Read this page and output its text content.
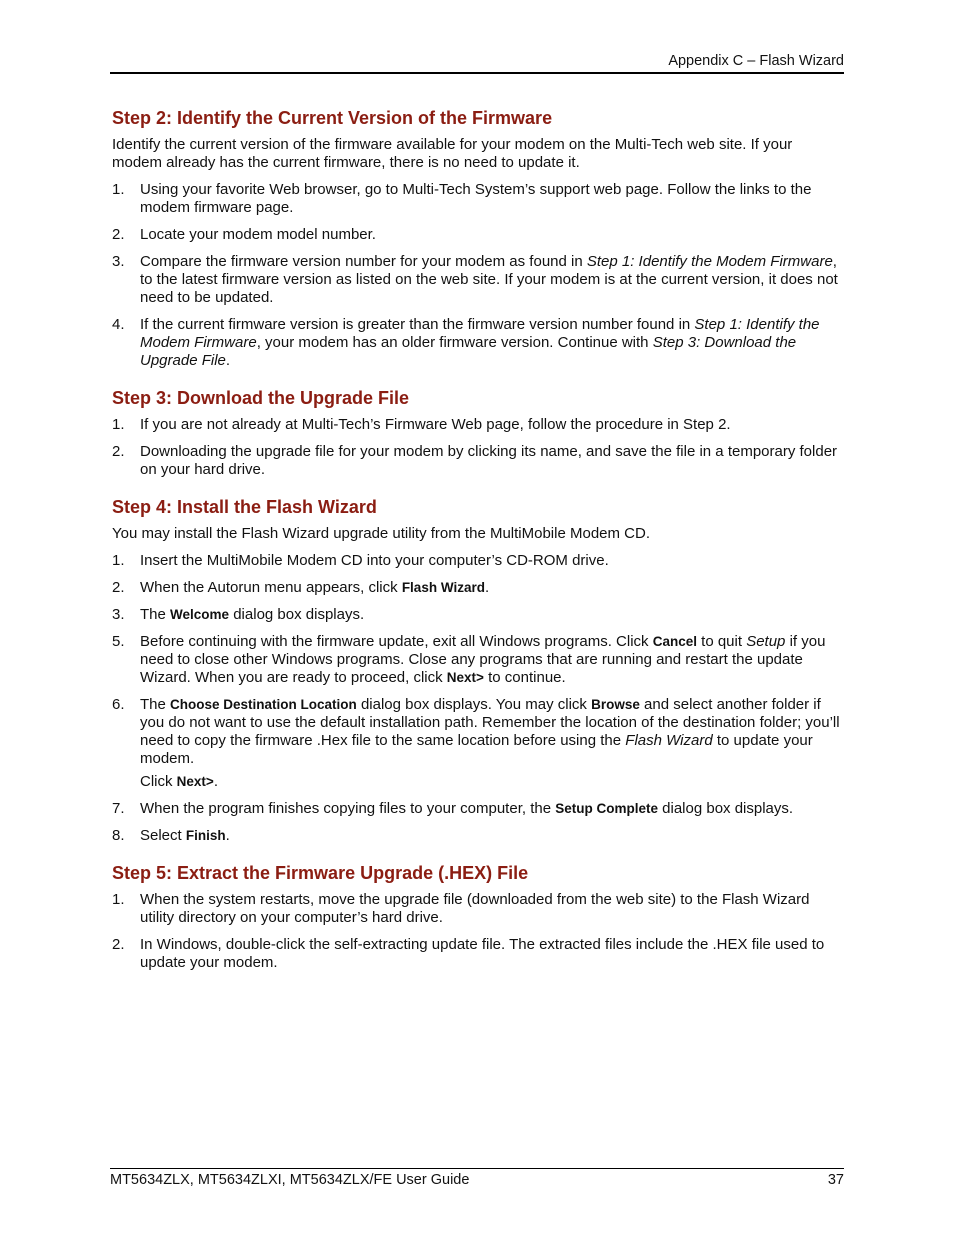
Appendix C – Flash Wizard
Step 2: Identify the Current Version of the Firmware

Identify the current version of the firmware available for your modem on the Multi-Tech web site. If your modem already has the current firmware, there is no need to update it.

1. Using your favorite Web browser, go to Multi-Tech System’s support web page. Follow the links to the modem firmware page.
2. Locate your modem model number.
3. Compare the firmware version number for your modem as found in Step 1: Identify the Modem Firmware, to the latest firmware version as listed on the web site. If your modem is at the current version, it does not need to be updated.
4. If the current firmware version is greater than the firmware version number found in Step 1: Identify the Modem Firmware, your modem has an older firmware version. Continue with Step 3: Download the Upgrade File.
Step 3: Download the Upgrade File
1. If you are not already at Multi-Tech’s Firmware Web page, follow the procedure in Step 2.
2. Downloading the upgrade file for your modem by clicking its name, and save the file in a temporary folder on your hard drive.
Step 4: Install the Flash Wizard

You may install the Flash Wizard upgrade utility from the MultiMobile Modem CD.

1. Insert the MultiMobile Modem CD into your computer’s CD-ROM drive.
2. When the Autorun menu appears, click Flash Wizard.
3. The Welcome dialog box displays.
5. Before continuing with the firmware update, exit all Windows programs. Click Cancel to quit Setup if you need to close other Windows programs. Close any programs that are running and restart the update Wizard. When you are ready to proceed, click Next> to continue.
6. The Choose Destination Location dialog box displays. You may click Browse and select another folder if you do not want to use the default installation path. Remember the location of the destination folder; you’ll need to copy the firmware .Hex file to the same location before using the Flash Wizard to update your modem.
Click Next>.
7. When the program finishes copying files to your computer, the Setup Complete dialog box displays.
8. Select Finish.
Step 5: Extract the Firmware Upgrade (.HEX) File
1. When the system restarts, move the upgrade file (downloaded from the web site) to the Flash Wizard utility directory on your computer’s hard drive.
2. In Windows, double-click the self-extracting update file. The extracted files include the .HEX file used to update your modem.
MT5634ZLX, MT5634ZLXI, MT5634ZLX/FE User Guide	37
